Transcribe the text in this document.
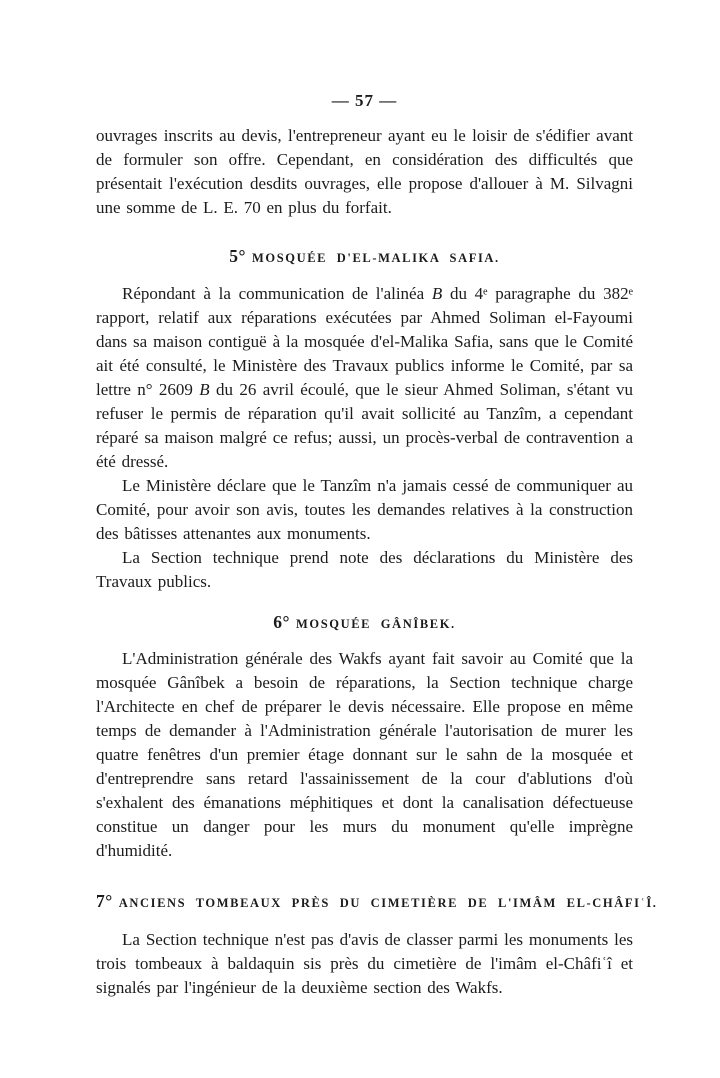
— 57 —

ouvrages inscrits au devis, l'entrepreneur ayant eu le loisir de s'édifier avant de formuler son offre. Cependant, en considération des difficultés que présentait l'exécution desdits ouvrages, elle propose d'allouer à M. Silvagni une somme de L. E. 70 en plus du forfait.

5° MOSQUÉE D'EL-MALIKA SAFIA.

Répondant à la communication de l'alinéa B du 4ᵉ paragraphe du 382ᵉ rapport, relatif aux réparations exécutées par Ahmed Soliman el-Fayoumi dans sa maison contiguë à la mosquée d'el-Malika Safia, sans que le Comité ait été consulté, le Ministère des Travaux publics informe le Comité, par sa lettre n° 2609 B du 26 avril écoulé, que le sieur Ahmed Soliman, s'étant vu refuser le permis de réparation qu'il avait sollicité au Tanzîm, a cependant réparé sa maison malgré ce refus; aussi, un procès-verbal de contravention a été dressé.

Le Ministère déclare que le Tanzîm n'a jamais cessé de communiquer au Comité, pour avoir son avis, toutes les demandes relatives à la construction des bâtisses attenantes aux monuments.

La Section technique prend note des déclarations du Ministère des Travaux publics.

6° MOSQUÉE GÂNÎBEK.

L'Administration générale des Wakfs ayant fait savoir au Comité que la mosquée Gânîbek a besoin de réparations, la Section technique charge l'Architecte en chef de préparer le devis nécessaire. Elle propose en même temps de demander à l'Administration générale l'autorisation de murer les quatre fenêtres d'un premier étage donnant sur le sahn de la mosquée et d'entreprendre sans retard l'assainissement de la cour d'ablutions d'où s'exhalent des émanations méphitiques et dont la canalisation défectueuse constitue un danger pour les murs du monument qu'elle imprègne d'humidité.

7° ANCIENS TOMBEAUX PRÈS DU CIMETIÈRE DE L'IMÂM EL-CHÂFIʿÎ.

La Section technique n'est pas d'avis de classer parmi les monuments les trois tombeaux à baldaquin sis près du cimetière de l'imâm el-Châfiʿî et signalés par l'ingénieur de la deuxième section des Wakfs.
